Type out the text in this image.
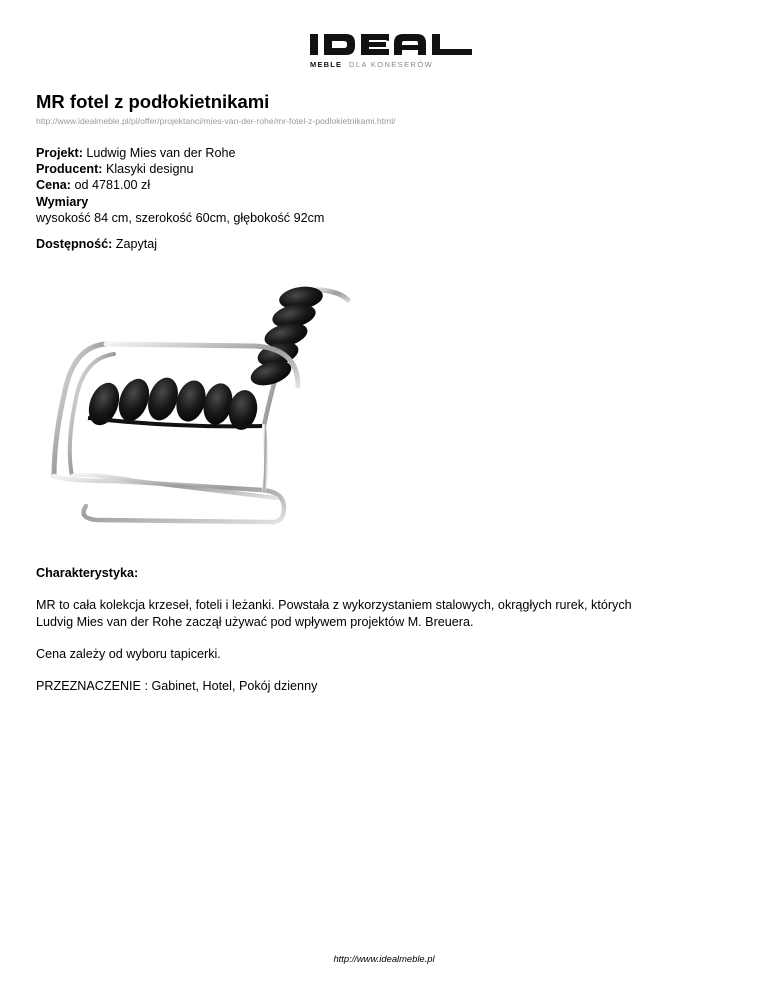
MEBLE DLA KONESERÓW
MR fotel z podłokietnikami
http://www.idealmeble.pl/pl/offer/projektanci/mies-van-der-rohe/mr-fotel-z-podlokietnikami.html/
Projekt: Ludwig Mies van der Rohe
Producent: Klasyki designu
Cena: od 4781.00 zł
Wymiary
wysokość 84 cm, szerokość 60cm, głębokość 92cm
Dostępność: Zapytaj
Charakterystyka:

MR to cała kolekcja krzeseł, foteli i leżanki. Powstała z wykorzystaniem stalowych, okrągłych rurek, których
Ludvig Mies van der Rohe zaczął używać pod wpływem projektów M. Breuera.

Cena zależy od wyboru tapicerki.

PRZEZNACZENIE : Gabinet, Hotel, Pokój dzienny

http://www.idealmeble.pl
